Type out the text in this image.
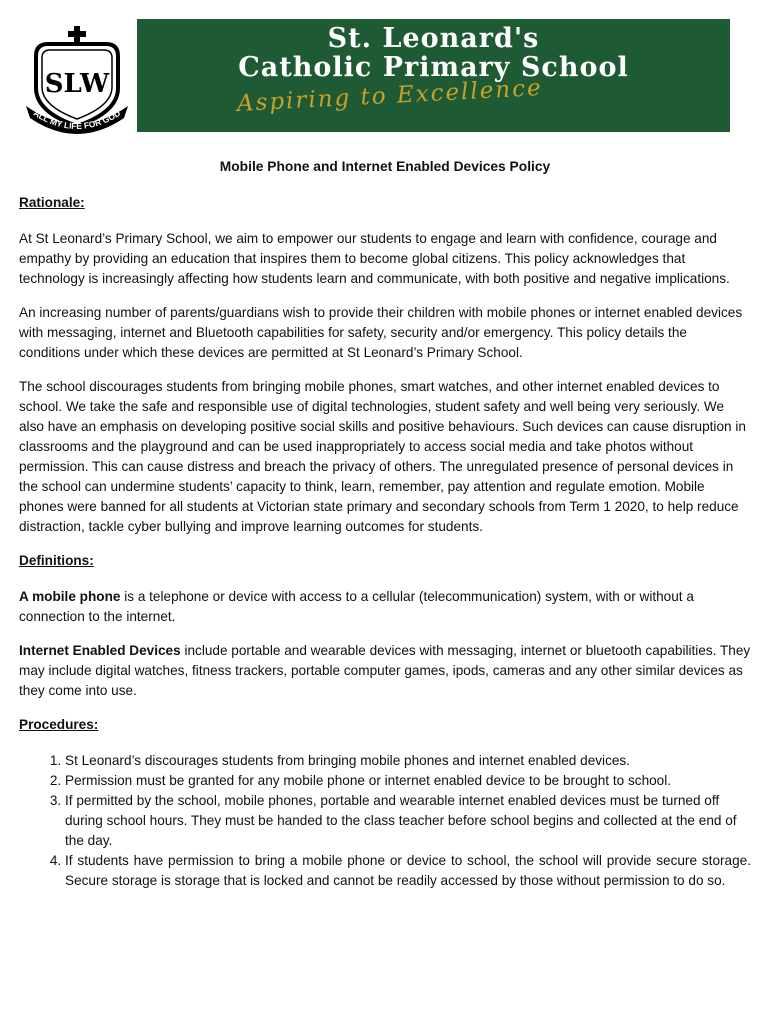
SLW
ALL MY LIFE FOR GOD
St. Leonard's
Catholic Primary School
Aspiring to Excellence
Mobile Phone and Internet Enabled Devices Policy
Rationale:

At St Leonard’s Primary School, we aim to empower our students to engage and learn with confidence, courage and empathy by providing an education that inspires them to become global citizens. This policy acknowledges that technology is increasingly affecting how students learn and communicate, with both positive and negative implications.

An increasing number of parents/guardians wish to provide their children with mobile phones or internet enabled devices with messaging, internet and Bluetooth capabilities for safety, security and/or emergency. This policy details the conditions under which these devices are permitted at St Leonard’s Primary School.

The school discourages students from bringing mobile phones, smart watches, and other internet enabled devices to school. We take the safe and responsible use of digital technologies, student safety and well being very seriously. We also have an emphasis on developing positive social skills and positive behaviours. Such devices can cause disruption in classrooms and the playground and can be used inappropriately to access social media and take photos without permission. This can cause distress and breach the privacy of others. The unregulated presence of personal devices in the school can undermine students’ capacity to think, learn, remember, pay attention and regulate emotion. Mobile phones were banned for all students at Victorian state primary and secondary schools from Term 1 2020, to help reduce distraction, tackle cyber bullying and improve learning outcomes for students.

Definitions:

A mobile phone is a telephone or device with access to a cellular (telecommunication) system, with or without a connection to the internet.

Internet Enabled Devices include portable and wearable devices with messaging, internet or bluetooth capabilities. They may include digital watches, fitness trackers, portable computer games, ipods, cameras and any other similar devices as they come into use.

Procedures:
1. St Leonard’s discourages students from bringing mobile phones and internet enabled devices.
2. Permission must be granted for any mobile phone or internet enabled device to be brought to school.
3. If permitted by the school, mobile phones, portable and wearable internet enabled devices must be turned off during school hours. They must be handed to the class teacher before school begins and collected at the end of the day.
4. If students have permission to bring a mobile phone or device to school, the school will provide secure storage. Secure storage is storage that is locked and cannot be readily accessed by those without permission to do so.
